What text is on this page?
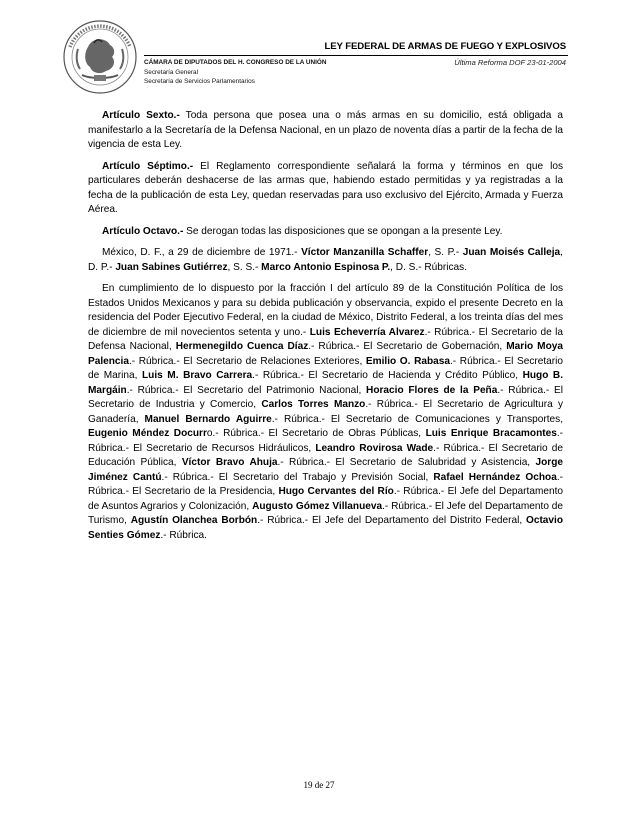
LEY FEDERAL DE ARMAS DE FUEGO Y EXPLOSIVOS
CÁMARA DE DIPUTADOS DEL H. CONGRESO DE LA UNIÓN
Secretaría General
Secretaría de Servicios Parlamentarios
Última Reforma DOF 23-01-2004

Artículo Sexto.- Toda persona que posea una o más armas en su domicilio, está obligada a manifestarlo a la Secretaría de la Defensa Nacional, en un plazo de noventa días a partir de la fecha de la vigencia de esta Ley.

Artículo Séptimo.- El Reglamento correspondiente señalará la forma y términos en que los particulares deberán deshacerse de las armas que, habiendo estado permitidas y ya registradas a la fecha de la publicación de esta Ley, quedan reservadas para uso exclusivo del Ejército, Armada y Fuerza Aérea.

Artículo Octavo.- Se derogan todas las disposiciones que se opongan a la presente Ley.

México, D. F., a 29 de diciembre de 1971.- Víctor Manzanilla Schaffer, S. P.- Juan Moisés Calleja, D. P.- Juan Sabines Gutiérrez, S. S.- Marco Antonio Espinosa P., D. S.- Rúbricas.

En cumplimiento de lo dispuesto por la fracción I del artículo 89 de la Constitución Política de los Estados Unidos Mexicanos y para su debida publicación y observancia, expido el presente Decreto en la residencia del Poder Ejecutivo Federal, en la ciudad de México, Distrito Federal, a los treinta días del mes de diciembre de mil novecientos setenta y uno.- Luis Echeverría Alvarez.- Rúbrica.- El Secretario de la Defensa Nacional, Hermenegildo Cuenca Díaz.- Rúbrica.- El Secretario de Gobernación, Mario Moya Palencia.- Rúbrica.- El Secretario de Relaciones Exteriores, Emilio O. Rabasa.- Rúbrica.- El Secretario de Marina, Luis M. Bravo Carrera.- Rúbrica.- El Secretario de Hacienda y Crédito Público, Hugo B. Margáin.- Rúbrica.- El Secretario del Patrimonio Nacional, Horacio Flores de la Peña.- Rúbrica.- El Secretario de Industria y Comercio, Carlos Torres Manzo.- Rúbrica.- El Secretario de Agricultura y Ganadería, Manuel Bernardo Aguirre.- Rúbrica.- El Secretario de Comunicaciones y Transportes, Eugenio Méndez Docurro.- Rúbrica.- El Secretario de Obras Públicas, Luis Enrique Bracamontes.- Rúbrica.- El Secretario de Recursos Hidráulicos, Leandro Rovirosa Wade.- Rúbrica.- El Secretario de Educación Pública, Víctor Bravo Ahuja.- Rúbrica.- El Secretario de Salubridad y Asistencia, Jorge Jiménez Cantú.- Rúbrica.- El Secretario del Trabajo y Previsión Social, Rafael Hernández Ochoa.- Rúbrica.- El Secretario de la Presidencia, Hugo Cervantes del Río.- Rúbrica.- El Jefe del Departamento de Asuntos Agrarios y Colonización, Augusto Gómez Villanueva.- Rúbrica.- El Jefe del Departamento de Turismo, Agustín Olanchea Borbón.- Rúbrica.- El Jefe del Departamento del Distrito Federal, Octavio Senties Gómez.- Rúbrica.

19 de 27
